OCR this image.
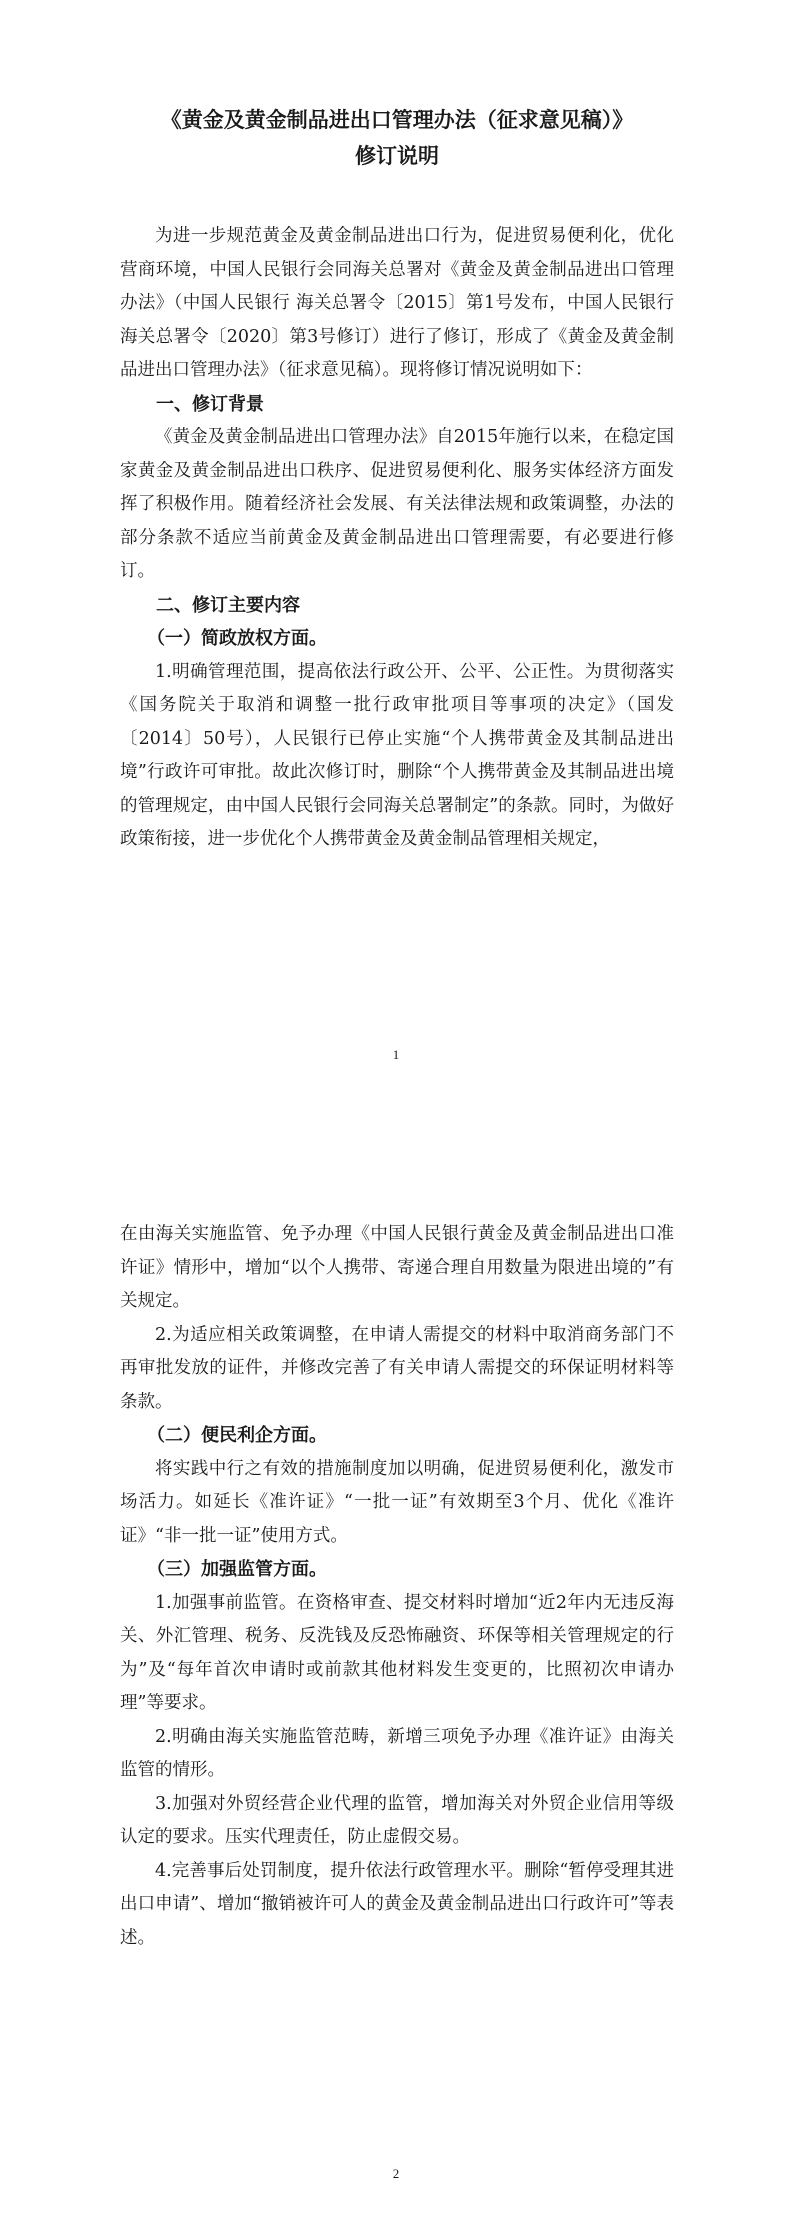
《黄金及黄金制品进出口管理办法（征求意见稿）》

修订说明

为进一步规范黄金及黄金制品进出口行为，促进贸易便利化，优化营商环境，中国人民银行会同海关总署对《黄金及黄金制品进出口管理办法》（中国人民银行 海关总署令〔2015〕第1号发布，中国人民银行 海关总署令〔2020〕第3号修订）进行了修订，形成了《黄金及黄金制品进出口管理办法》（征求意见稿）。现将修订情况说明如下：

一、修订背景

《黄金及黄金制品进出口管理办法》自2015年施行以来，在稳定国家黄金及黄金制品进出口秩序、促进贸易便利化、服务实体经济方面发挥了积极作用。随着经济社会发展、有关法律法规和政策调整，办法的部分条款不适应当前黄金及黄金制品进出口管理需要，有必要进行修订。

二、修订主要内容

（一）简政放权方面。

1.明确管理范围，提高依法行政公开、公平、公正性。为贯彻落实《国务院关于取消和调整一批行政审批项目等事项的决定》（国发〔2014〕50号），人民银行已停止实施“个人携带黄金及其制品进出境”行政许可审批。故此次修订时，删除“个人携带黄金及其制品进出境的管理规定，由中国人民银行会同海关总署制定”的条款。同时，为做好政策衔接，进一步优化个人携带黄金及黄金制品管理相关规定，

1

在由海关实施监管、免予办理《中国人民银行黄金及黄金制品进出口准许证》情形中，增加“以个人携带、寄递合理自用数量为限进出境的”有关规定。

2.为适应相关政策调整，在申请人需提交的材料中取消商务部门不再审批发放的证件，并修改完善了有关申请人需提交的环保证明材料等条款。

（二）便民利企方面。

将实践中行之有效的措施制度加以明确，促进贸易便利化，激发市场活力。如延长《准许证》“一批一证”有效期至3个月、优化《准许证》“非一批一证”使用方式。

（三）加强监管方面。

1.加强事前监管。在资格审查、提交材料时增加“近2年内无违反海关、外汇管理、税务、反洗钱及反恐怖融资、环保等相关管理规定的行为”及“每年首次申请时或前款其他材料发生变更的，比照初次申请办理”等要求。

2.明确由海关实施监管范畴，新增三项免予办理《准许证》由海关监管的情形。

3.加强对外贸经营企业代理的监管，增加海关对外贸企业信用等级认定的要求。压实代理责任，防止虚假交易。

4.完善事后处罚制度，提升依法行政管理水平。删除“暂停受理其进出口申请”、增加“撤销被许可人的黄金及黄金制品进出口行政许可”等表述。

2
